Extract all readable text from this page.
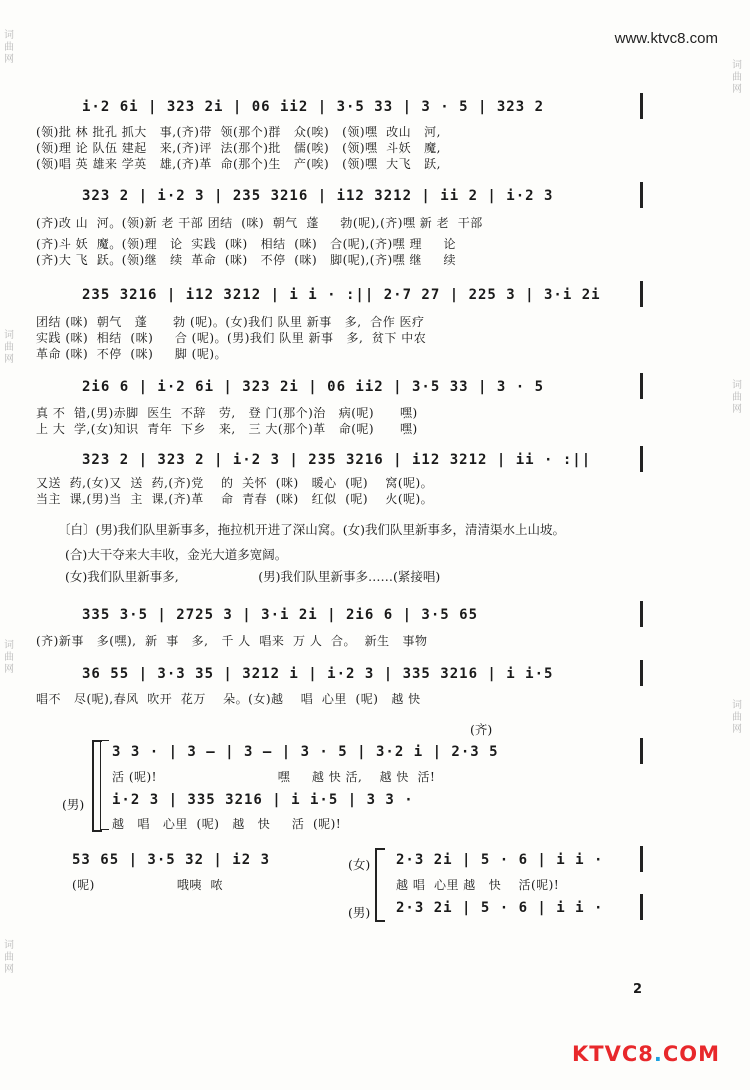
www.ktvc8.com
词
曲
网
词
曲
网
词
曲
网
词
曲
网
词
曲
网
词
曲
网
词
曲
网

i·2 6i | 323 2i | 06 ii2 | 3·5 33 | 3 · 5 | 323 2

(领)批 林 批孔 抓大   事,(齐)带  领(那个)群   众(唉)   (领)嘿  改山   河,
(领)理 论 队伍 建起   来,(齐)评  法(那个)批   儒(唉)   (领)嘿  斗妖   魔,
(领)唱 英 雄来 学英   雄,(齐)革  命(那个)生   产(唉)   (领)嘿  大飞   跃,

323 2 | i·2 3 | 235 3216 | i12 3212 | ii 2 | i·2 3

(齐)改 山  河。(领)新 老 干部 团结  (咪)  朝气  蓬     勃(呢),(齐)嘿 新 老  干部
(齐)斗 妖  魔。(领)理   论  实践  (咪)   相结  (咪)   合(呢),(齐)嘿 理     论
(齐)大 飞  跃。(领)继   续  革命  (咪)   不停  (咪)   脚(呢),(齐)嘿 继     续

235 3216 | i12 3212 | i i · :|| 2·7 27 | 225 3 | 3·i 2i

团结 (咪)  朝气   蓬      勃 (呢)。(女)我们 队里 新事   多,  合作 医疗
实践 (咪)  相结  (咪)     合 (呢)。(男)我们 队里 新事   多,  贫下 中农
革命 (咪)  不停  (咪)     脚 (呢)。

2i6 6 | i·2 6i | 323 2i | 06 ii2 | 3·5 33 | 3 · 5

真 不  错,(男)赤脚  医生  不辞   劳,   登 门(那个)治   病(呢)      嘿)
上 大  学,(女)知识  青年  下乡   来,   三 大(那个)革   命(呢)      嘿)

323 2 | 323 2 | i·2 3 | 235 3216 | i12 3212 | ii · :||

又送  药,(女)又  送  药,(齐)党    的  关怀  (咪)   暖心  (呢)    窝(呢)。
当主  课,(男)当  主  课,(齐)革    命  青春  (咪)   红似  (呢)    火(呢)。
〔白〕(男)我们队里新事多，拖拉机开进了深山窝。(女)我们队里新事多，清清渠水上山坡。
(合)大干夺来大丰收，金光大道多宽阔。
(女)我们队里新事多,                    (男)我们队里新事多……(紧接唱)

335 3·5 | 2725 3 | 3·i 2i | 2i6 6 | 3·5 65

(齐)新事   多(嘿),  新  事   多,   千 人  唱来  万 人  合。  新生   事物

36 55 | 3·3 35 | 3212 i | i·2 3 | 335 3216 | i i·5

唱不   尽(呢),春风  吹开  花万    朵。(女)越    唱  心里  (呢)   越 快
(齐)

3 3 · | 3 — | 3 — | 3 · 5 | 3·2 i | 2·3 5

活 (呢)!                            嘿     越 快 活,    越 快  活!
(男)

	i·2 3 | 335 3216 | i i·5 | 3 3 ·

越   唱   心里  (呢)   越   快     活  (呢)!

53 65 | 3·5 32 | i2 3

(呢)                   哦咦  哝
(女)

	2·3 2i | 5 · 6 | i i ·

越 唱  心里 越   快    活(呢)!
(男)

	2·3 2i | 5 · 6 | i i ·

2
KTVC8.COM
